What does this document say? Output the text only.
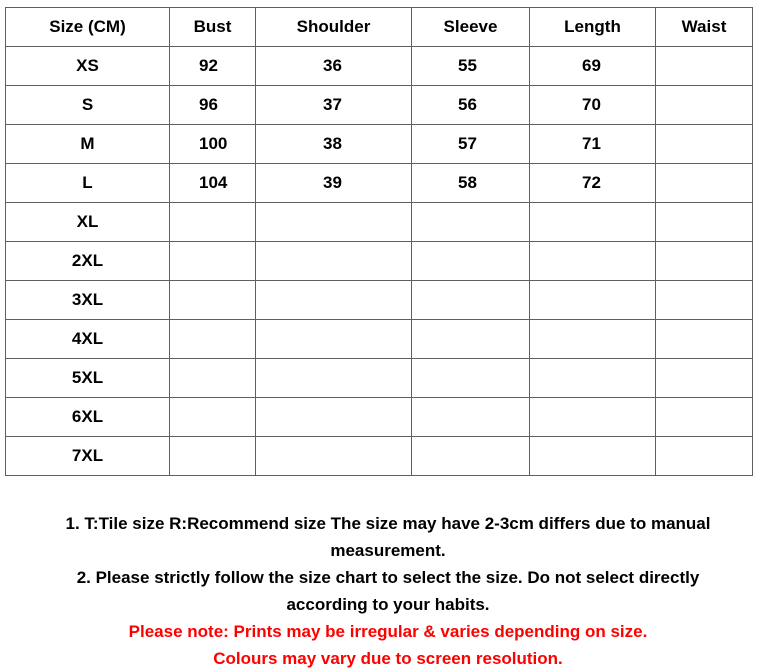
Size (CM)	Bust	Shoulder	Sleeve	Length	Waist
XS	92	36	55	69	
S	96	37	56	70	
M	100	38	57	71	
L	104	39	58	72	
XL					
2XL					
3XL					
4XL					
5XL					
6XL					
7XL					
1. T:Tile size R:Recommend size The size may have 2-3cm differs due to manual measurement.
2. Please strictly follow the size chart to select the size. Do not select directly according to your habits.
Please note: Prints may be irregular & varies depending on size.
Colours may vary due to screen resolution.
